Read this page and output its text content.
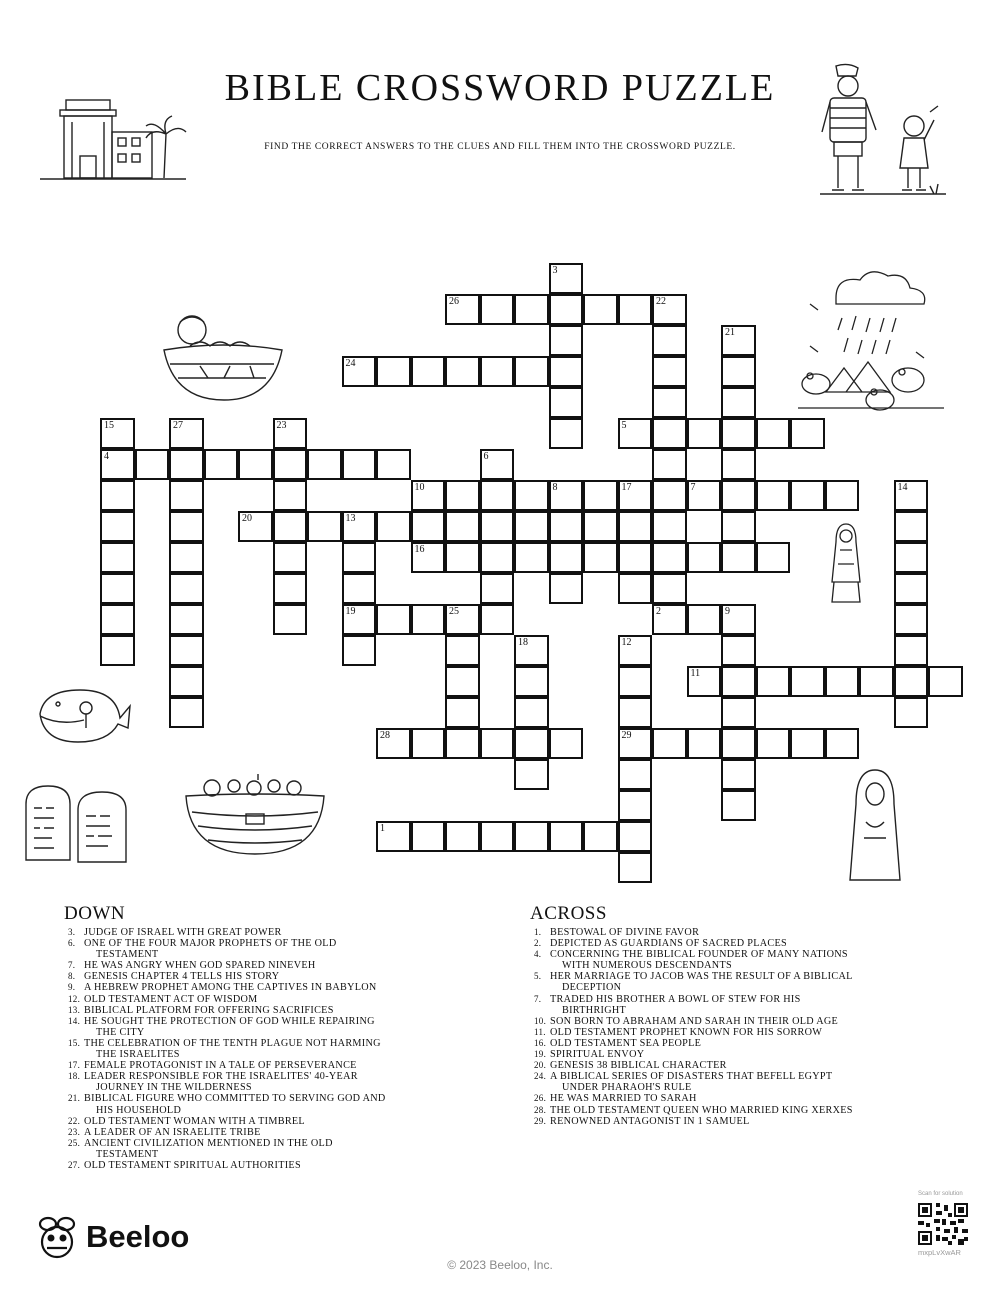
BIBLE CROSSWORD PUZZLE
FIND THE CORRECT ANSWERS TO THE CLUES AND FILL THEM INTO THE CROSSWORD PUZZLE.
1
2	9
3
4
5
6
7
8
10
11
12
29
13
19
14
15
16
17
18
25
20
21
22
23
24
26
27
28
DOWN
3. JUDGE OF ISRAEL WITH GREAT POWER
6. ONE OF THE FOUR MAJOR PROPHETS OF THE OLD
TESTAMENT
7. HE WAS ANGRY WHEN GOD SPARED NINEVEH
8. GENESIS CHAPTER 4 TELLS HIS STORY
9. A HEBREW PROPHET AMONG THE CAPTIVES IN BABYLON
12. OLD TESTAMENT ACT OF WISDOM
13. BIBLICAL PLATFORM FOR OFFERING SACRIFICES
14. HE SOUGHT THE PROTECTION OF GOD WHILE REPAIRING
THE CITY
15. THE CELEBRATION OF THE TENTH PLAGUE NOT HARMING
THE ISRAELITES
17. FEMALE PROTAGONIST IN A TALE OF PERSEVERANCE
18. LEADER RESPONSIBLE FOR THE ISRAELITES' 40-YEAR
JOURNEY IN THE WILDERNESS
21. BIBLICAL FIGURE WHO COMMITTED TO SERVING GOD AND
HIS HOUSEHOLD
22. OLD TESTAMENT WOMAN WITH A TIMBREL
23. A LEADER OF AN ISRAELITE TRIBE
25. ANCIENT CIVILIZATION MENTIONED IN THE OLD
TESTAMENT
27. OLD TESTAMENT SPIRITUAL AUTHORITIES
ACROSS
1. BESTOWAL OF DIVINE FAVOR
2. DEPICTED AS GUARDIANS OF SACRED PLACES
4. CONCERNING THE BIBLICAL FOUNDER OF MANY NATIONS
WITH NUMEROUS DESCENDANTS
5. HER MARRIAGE TO JACOB WAS THE RESULT OF A BIBLICAL
DECEPTION
7. TRADED HIS BROTHER A BOWL OF STEW FOR HIS
BIRTHRIGHT
10. SON BORN TO ABRAHAM AND SARAH IN THEIR OLD AGE
11. OLD TESTAMENT PROPHET KNOWN FOR HIS SORROW
16. OLD TESTAMENT SEA PEOPLE
19. SPIRITUAL ENVOY
20. GENESIS 38 BIBLICAL CHARACTER
24. A BIBLICAL SERIES OF DISASTERS THAT BEFELL EGYPT
UNDER PHARAOH'S RULE
26. HE WAS MARRIED TO SARAH
28. THE OLD TESTAMENT QUEEN WHO MARRIED KING XERXES
29. RENOWNED ANTAGONIST IN 1 SAMUEL
Beeloo
© 2023 Beeloo, Inc.
Scan for solution
mxpLvXwAR
